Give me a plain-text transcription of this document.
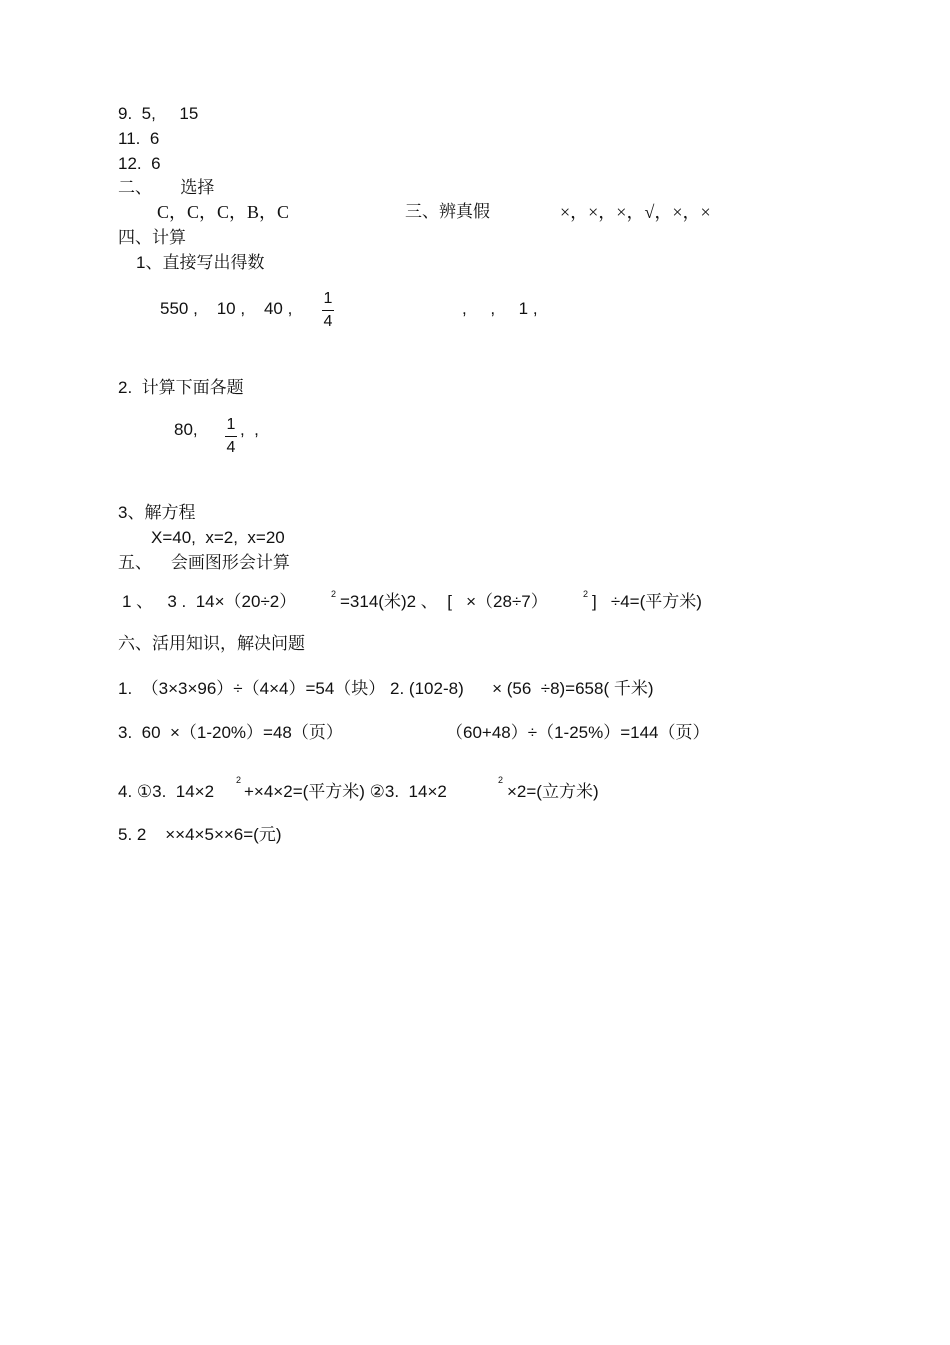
9.  5,     15
11.  6
12.  6
二、      选择
C，C，C，B，C	三、辨真假	×，×，×，√，×，×
四、计算
1、直接写出得数
550 ,    10 ,    40 ,
1
4
,     ,     1 ,
2.  计算下面各题
80, 1
4
,  ,
3、解方程
X=40,  x=2,  x=20
五、    会画图形会计算
1 、   3 .  14×（20÷2）	2 =314(米)2 、  [   ×（28÷7）	2 ]   ÷4=(平方米)
六、活用知识，解决问题
1.  （3×3×96）÷（4×4）=54（块） 2. (102-8)      × (56  ÷8)=658( 千米)
3.  60  ×（1-20%）=48（页）	（60+48）÷（1-25%）=144（页）
4. ①3.  14×2
2
+×4×2=(平方米) ②3.  14×2
2
×2=(立方米)
5. 2    ××4×5××6=(元)
